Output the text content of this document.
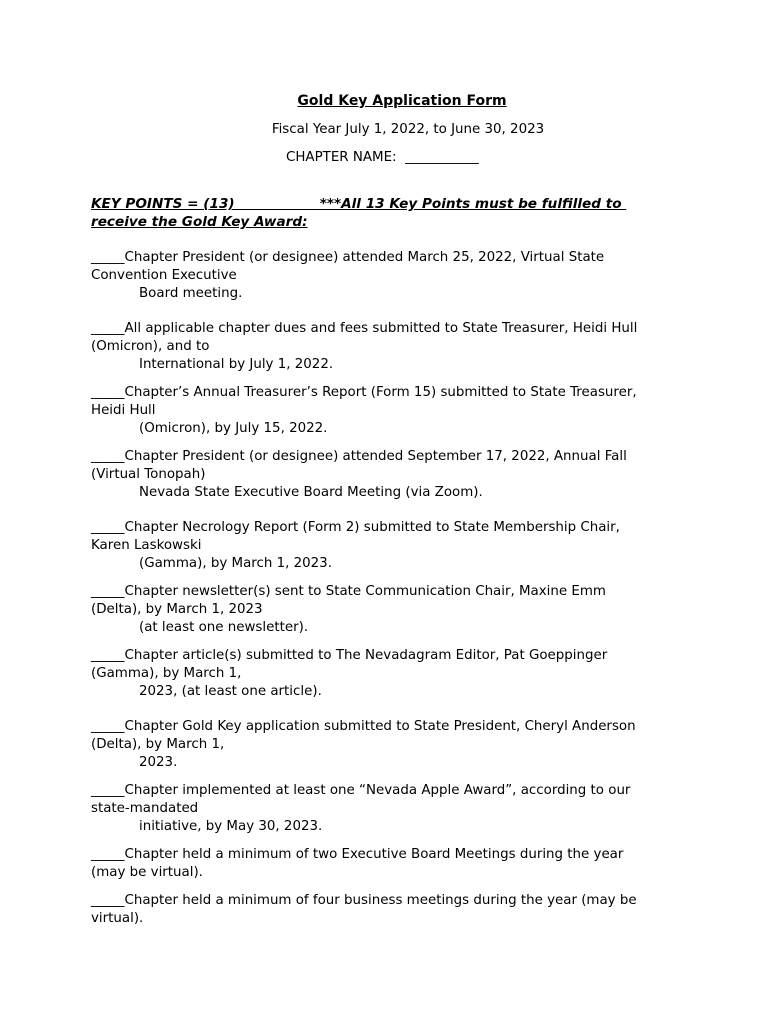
Gold Key Application Form
Fiscal Year July 1, 2022, to June 30, 2023
CHAPTER NAME:  ___________
KEY POINTS = (13)                  ***All 13 Key Points must be fulfilled to
receive the Gold Key Award:
_____Chapter President (or designee) attended March 25, 2022, Virtual State
Convention Executive
Board meeting.
_____All applicable chapter dues and fees submitted to State Treasurer, Heidi Hull
(Omicron), and to
International by July 1, 2022.
_____Chapter’s Annual Treasurer’s Report (Form 15) submitted to State Treasurer,
Heidi Hull
(Omicron), by July 15, 2022.
_____Chapter President (or designee) attended September 17, 2022, Annual Fall
(Virtual Tonopah)
Nevada State Executive Board Meeting (via Zoom).
_____Chapter Necrology Report (Form 2) submitted to State Membership Chair,
Karen Laskowski
(Gamma), by March 1, 2023.
_____Chapter newsletter(s) sent to State Communication Chair, Maxine Emm
(Delta), by March 1, 2023
(at least one newsletter).
_____Chapter article(s) submitted to The Nevadagram Editor, Pat Goeppinger
(Gamma), by March 1,
2023, (at least one article).
_____Chapter Gold Key application submitted to State President, Cheryl Anderson
(Delta), by March 1,
2023.
_____Chapter implemented at least one “Nevada Apple Award”, according to our
state-mandated
initiative, by May 30, 2023.
_____Chapter held a minimum of two Executive Board Meetings during the year
(may be virtual).
_____Chapter held a minimum of four business meetings during the year (may be
virtual).
